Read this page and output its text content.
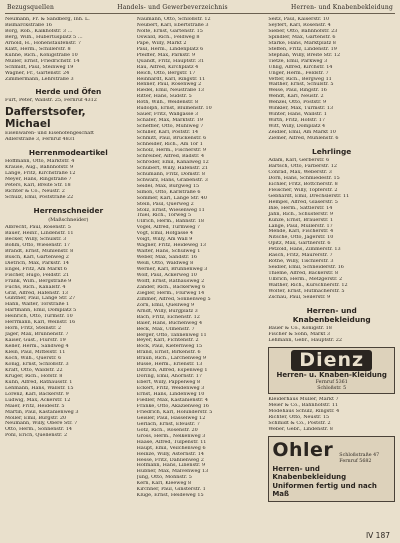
Bezugsquellen	Handels- und Gewerbeverzeichnis	Herren- und Knabenbekleidung

Neumann, Fr. & Sandberg, Inh. L.

Bismarckstraße 16

Borg, Rob., Kalkhofstr. 3 …

Berg, Wilh., Hubertusplatz 5 …

Arnold, H., Hohenstaufenstr. 7

Klatt, Herm., Schillerstr. 8

Kühne, Rich., Königstraße 10

Müller, Ernst, Friedrichstr. 14

Schmidt, Paul, Steinweg 19

Wagner, Fr., Gartenstr. 24

Zimmermann, Lehrstraße 3

Herde und Öfen

Furt, Peter, Wallstr. 25, Fernruf 4312

Dafferstsofer, Michael

Eisenwaren- und Eisenofengeschäft

Adlerstraße 3, Fernruf 4831

Herrenmodeartikel

Hoffmann, Otto, Marktstr. 4

Krause, Aug., Bahnhofstr. 9

Lange, Fritz, Kirchstraße 12

Meyer, Hans, Ringstraße 7

Peters, Karl, Breite Str. 18

Richter & Co., Neustr. 2

Schulz, Emil, Poststraße 22

Herrenschneider

(Maßschneider)

Albrecht, Paul, Rosenstr. 5

Bauer, Heinr., Lindenstr. 11

Becker, Willy, Schulstr. 3

Böhm, Otto, Wiesenstr. 17

Brandt, Ernst, Mühlenstr. 8

Busch, Karl, Gartenweg 2

Dietrich, Max, Parkstr. 14

Engel, Fritz, Am Markt 6

Fischer, Hugo, Feldstr. 21

Frank, Wilh., Bergstraße 9

Fuchs, Rich., Kanalstr. 4

Graf, Alfred, Hafenstr. 13

Günther, Paul, Lange Str. 27

Hahn, Walter, Torstraße 1

Hartmann, Emil, Domplatz 5

Heinrich, Otto, Turmstr. 10

Herrmann, Karl, Weinstr. 16

Horn, Fritz, Steinstr. 2

Jäger, Max, Brunnenstr. 7

Kaiser, Gust., Flurstr. 19

Keller, Herm., Sandweg 4

Klein, Paul, Mittelstr. 11

Koch, Wilh., Querstr. 6

König, Ernst, Schloßstr. 3

Kraft, Otto, Waldstr. 22

Krüger, Rich., Hofstr. 8

Kuhn, Alfred, Rathausstr. 1

Lehmann, Hans, Wallstr. 15

Lorenz, Karl, Bäckerstr. 9

Ludwig, Max, Ackerstr. 12

Maier, Fritz, Heidestr. 5

Martin, Paul, Kastanienweg 3

Möller, Emil, Burgstr. 20

Neumann, Willy, Obere Str. 7

Otto, Herm., Sonnenstr. 14

Pohl, Erich, Quellenstr. 2

Naumann, Otto, Schloßstr. 12

Neubert, Karl, Ebertstraße 3

Nolte, Ernst, Gartenstr. 15

Oswald, Rich., Feldweg 8

Pape, Willy, Markt 2

Paul, Herm., Lindenplatz 6

Pfeiffer, Max, Parkstr. 9

Quandt, Fritz, Hauptstr. 31

Rau, Alfred, Kirchplatz 4

Reich, Otto, Bergstr. 17

Reinhardt, Karl, Ringstr. 11

Renner, Paul, Rosenweg 2

Riedel, Emil, Neustraße 13

Ritter, Hans, Südstr. 5

Roth, Wilh., Weidenstr. 8

Rudolph, Ernst, Blumenstr. 10

Sauer, Fritz, Wallgasse 3

Schäfer, Max, Marktstr. 19

Scheffler, Otto, Mühlweg 7

Schiller, Karl, Poststr. 14

Schmitt, Paul, Brückenstr. 6

Schneider, Rich., Am Tor 1

Scholz, Herm., Fischerstr. 9

Schreiber, Alfred, Badstr. 4

Schröder, Emil, Kanalweg 12

Schubert, Willy, Hafenstr. 21

Schumann, Fritz, Domstr. 8

Schwarz, Hans, Grabenstr. 3

Seidel, Max, Burgweg 15

Simon, Otto, Karlstraße 6

Sommer, Karl, Lange Str. 40

Stein, Paul, Querweg 2

Stolz, Ernst, Wiesenweg 11

Thiel, Rich., Torweg 5

Ullrich, Herm., Bahnstr. 18

Vogel, Alfred, Turmweg 7

Vogt, Emil, Hofgasse 4

Voigt, Willy, Am Wall 9

Wagner, Fritz, Heideweg 13

Walter, Hans, Schulweg 1

Weber, Max, Sandstr. 16

Weiß, Otto, Waldweg 8

Werner, Karl, Brunnenweg 3

Wolf, Paul, Ackerweg 10

Wolff, Ernst, Rathausweg 2

Zander, Rich., Bäckerweg 6

Ziegler, Herm., Flurweg 14

Zimmer, Alfred, Sonnenweg 5

Zorn, Emil, Quellweg 9

Arndt, Willy, Burgplatz 3

Bach, Fritz, Eichenstr. 12

Baier, Hans, Buchenweg 4

Beck, Max, Ulmenstr. 7

Berger, Otto, Tannenweg 11

Beyer, Karl, Fichtenstr. 2

Bock, Paul, Kiefernweg 15

Brand, Ernst, Birkenstr. 6

Braun, Rich., Lärchenweg 9

Busse, Herm., Erlenstr. 13

Dittrich, Alfred, Espenweg 1

Döring, Emil, Ahornstr. 17

Ebert, Willy, Pappelweg 8

Eckert, Fritz, Weidenweg 3

Ernst, Hans, Lindenweg 10

Fiedler, Max, Kastanienstr. 4

Franke, Otto, Akazienweg 16

Friedrich, Karl, Holunderstr. 5

Geisler, Paul, Hasselweg 12

Gerlach, Ernst, Efeustr. 7

Götz, Rich., Rosenstr. 20

Gross, Herm., Nelkenweg 3

Haase, Alfred, Tulpenstr. 11

Haupt, Emil, Veilchenweg 6

Heinze, Willy, Asternstr. 14

Hesse, Fritz, Dahlienweg 2

Hofmann, Hans, Lilienstr. 9

Hübner, Max, Malvenweg 13

Jung, Otto, Mohnstr. 5

Kern, Karl, Kleeweg 8

Kirchner, Paul, Ginsterstr. 1

Kluge, Ernst, Heideweg 15

Seitz, Paul, Kaiserstr. 10

Seyfert, Karl, Rosenstr. 4

Sieber, Otto, Bahnhofstr. 23

Spindler, Max, Gartenstr. 6

Starke, Hans, Marktplatz 8

Steffen, Fritz, Lindenstr. 19

Stephan, Willy, Breite Str. 12

Tietze, Emil, Parkweg 3

Uhlig, Alfred, Kirchstr. 14

Unger, Herm., Feldstr. 7

Vetter, Rich., Bergweg 11

Walther, Ernst, Schulstr. 5

Weise, Paul, Ringstr. 16

Wendt, Karl, Neustr. 2

Wenzel, Otto, Poststr. 9

Winkler, Max, Turmstr. 13

Winter, Hans, Wallstr. 1

Wirth, Fritz, Hofstr. 17

Witt, Willy, Domplatz 4

Zeidler, Emil, Am Markt 10

Ziemer, Alfred, Mühlenstr. 6

Lehrlinge

Adam, Karl, Gerberstr. 6

Bartsch, Otto, Färberstr. 12

Conrad, Max, Weberstr. 3

Dorn, Hans, Schmiedestr. 15

Eichler, Fritz, Böttcherstr. 8

Fleischer, Willy, Töpferstr. 2

Gebhardt, Emil, Drechslerstr. 11

Hempel, Alfred, Glaserstr. 5

Ihle, Herm., Sattlerstr. 14

Jahn, Rich., Schusterstr. 9

Kunze, Ernst, Brauerstr. 1

Lange, Paul, Müllerstr. 17

Mende, Karl, Fischerstr. 4

Nitsche, Otto, Jägerstr. 10

Opitz, Max, Gärtnerstr. 6

Petzold, Hans, Zimmerstr. 13

Rasch, Fritz, Maurerstr. 7

Rothe, Willy, Tischlerstr. 3

Seidler, Emil, Schneiderstr. 16

Thieme, Alfred, Bäckerstr. 8

Ulbrich, Herm., Metzgerstr. 2

Walther, Rich., Kürschnerstr. 12

Wolter, Ernst, Hutmacherstr. 5

Zschau, Paul, Seilerstr. 9

Herren- und Knabenbekleidung

Bauer & Co., Königstr. 18

Fischer & Sohn, Markt 3

Lehmann, Gebr., Hauptstr. 22

Dienz
Herren- u. Knaben-Kleidung
Fernruf 5361
Schloßstr. 5

Kleiderhaus Müller, Markt 7

Meier & Co., Bahnhofstr. 11

Modehaus Schulz, Ringstr. 4

Richter, Otto, Neustr. 15

Schmidt & Co., Poststr. 2

Weber, Gebr., Lindenstr. 8

Ohler Schloßstraße 47
Fernruf 5682
Herren- und Knabenbekleidung
Uniformen fertig und nach Maß
IV 187
